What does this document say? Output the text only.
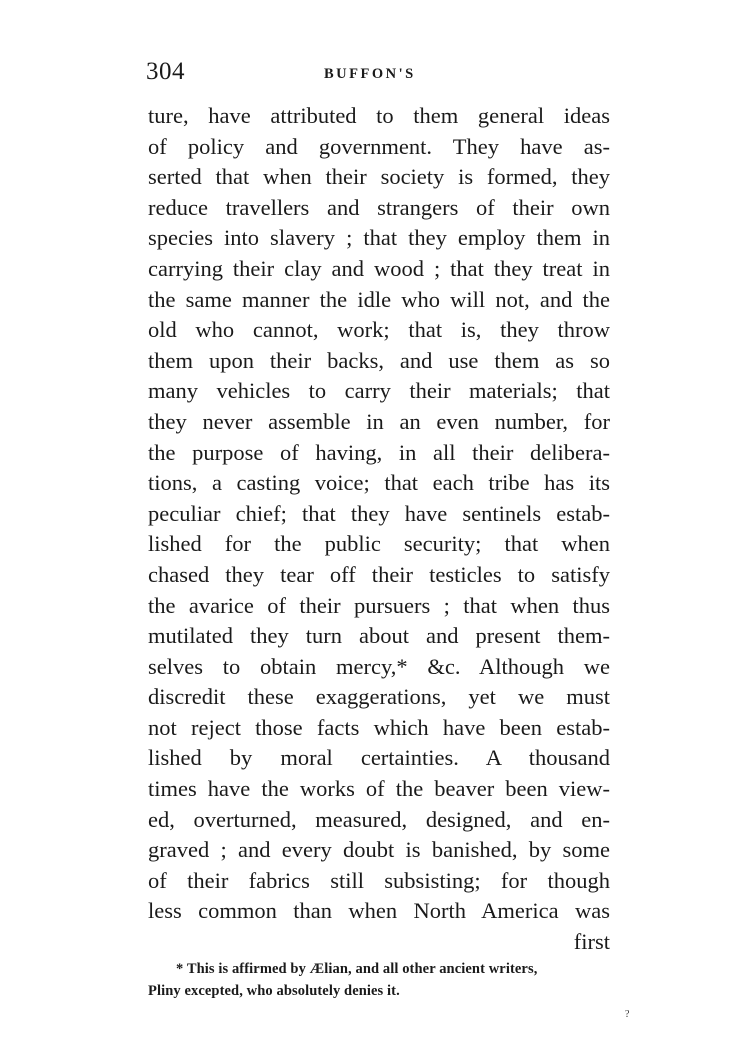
304	BUFFON'S
ture, have attributed to them general ideas
of policy and government. They have as-
serted that when their society is formed, they
reduce travellers and strangers of their own
species into slavery ; that they employ them in
carrying their clay and wood ; that they treat in
the same manner the idle who will not, and the
old who cannot, work; that is, they throw
them upon their backs, and use them as so
many vehicles to carry their materials; that
they never assemble in an even number, for
the purpose of having, in all their delibera-
tions, a casting voice; that each tribe has its
peculiar chief; that they have sentinels estab-
lished for the public security; that when
chased they tear off their testicles to satisfy
the avarice of their pursuers ; that when thus
mutilated they turn about and present them-
selves to obtain mercy,* &c. Although we
discredit these exaggerations, yet we must
not reject those facts which have been estab-
lished by moral certainties. A thousand
times have the works of the beaver been view-
ed, overturned, measured, designed, and en-
graved ; and every doubt is banished, by some
of their fabrics still subsisting; for though
less common than when North America was
first
* This is affirmed by Ælian, and all other ancient writers,
Pliny excepted, who absolutely denies it.
?
